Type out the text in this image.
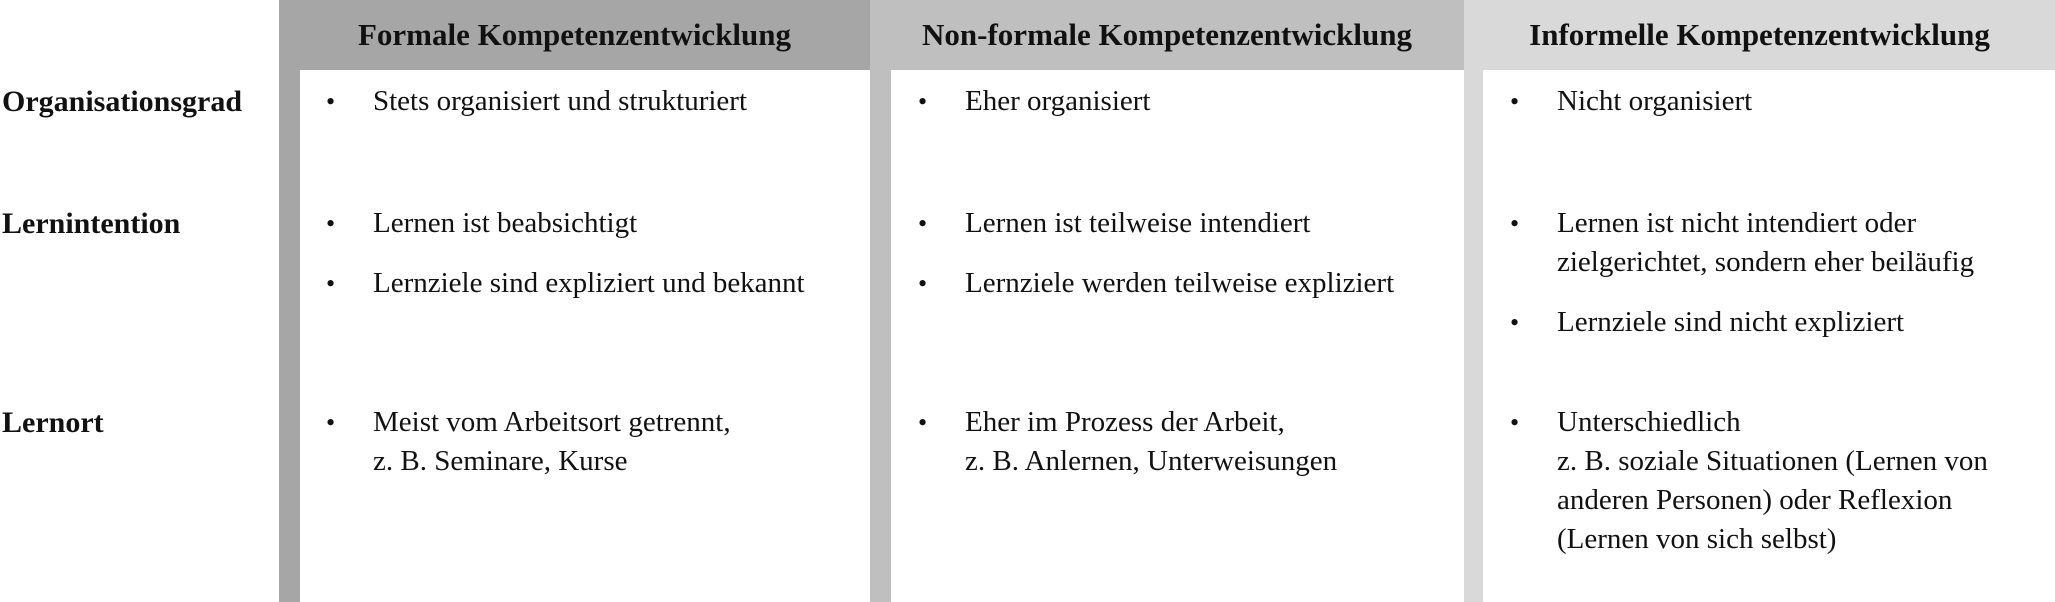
Formale Kompetenzentwicklung	Non-formale Kompetenzentwicklung	Informelle Kompetenzentwicklung
Organisationsgrad
Lernintention
Lernort
• Stets organisiert und strukturiert
• Lernen ist beabsichtigt
• Lernziele sind expliziert und bekannt
• Meist vom Arbeitsort getrennt,
z. B. Seminare, Kurse
• Eher organisiert
• Lernen ist teilweise intendiert
• Lernziele werden teilweise expliziert
• Eher im Prozess der Arbeit,
z. B. Anlernen, Unterweisungen
• Nicht organisiert
• Lernen ist nicht intendiert oder
zielgerichtet, sondern eher beiläufig
• Lernziele sind nicht expliziert
• Unterschiedlich
z. B. soziale Situationen (Lernen von
anderen Personen) oder Reflexion
(Lernen von sich selbst)
